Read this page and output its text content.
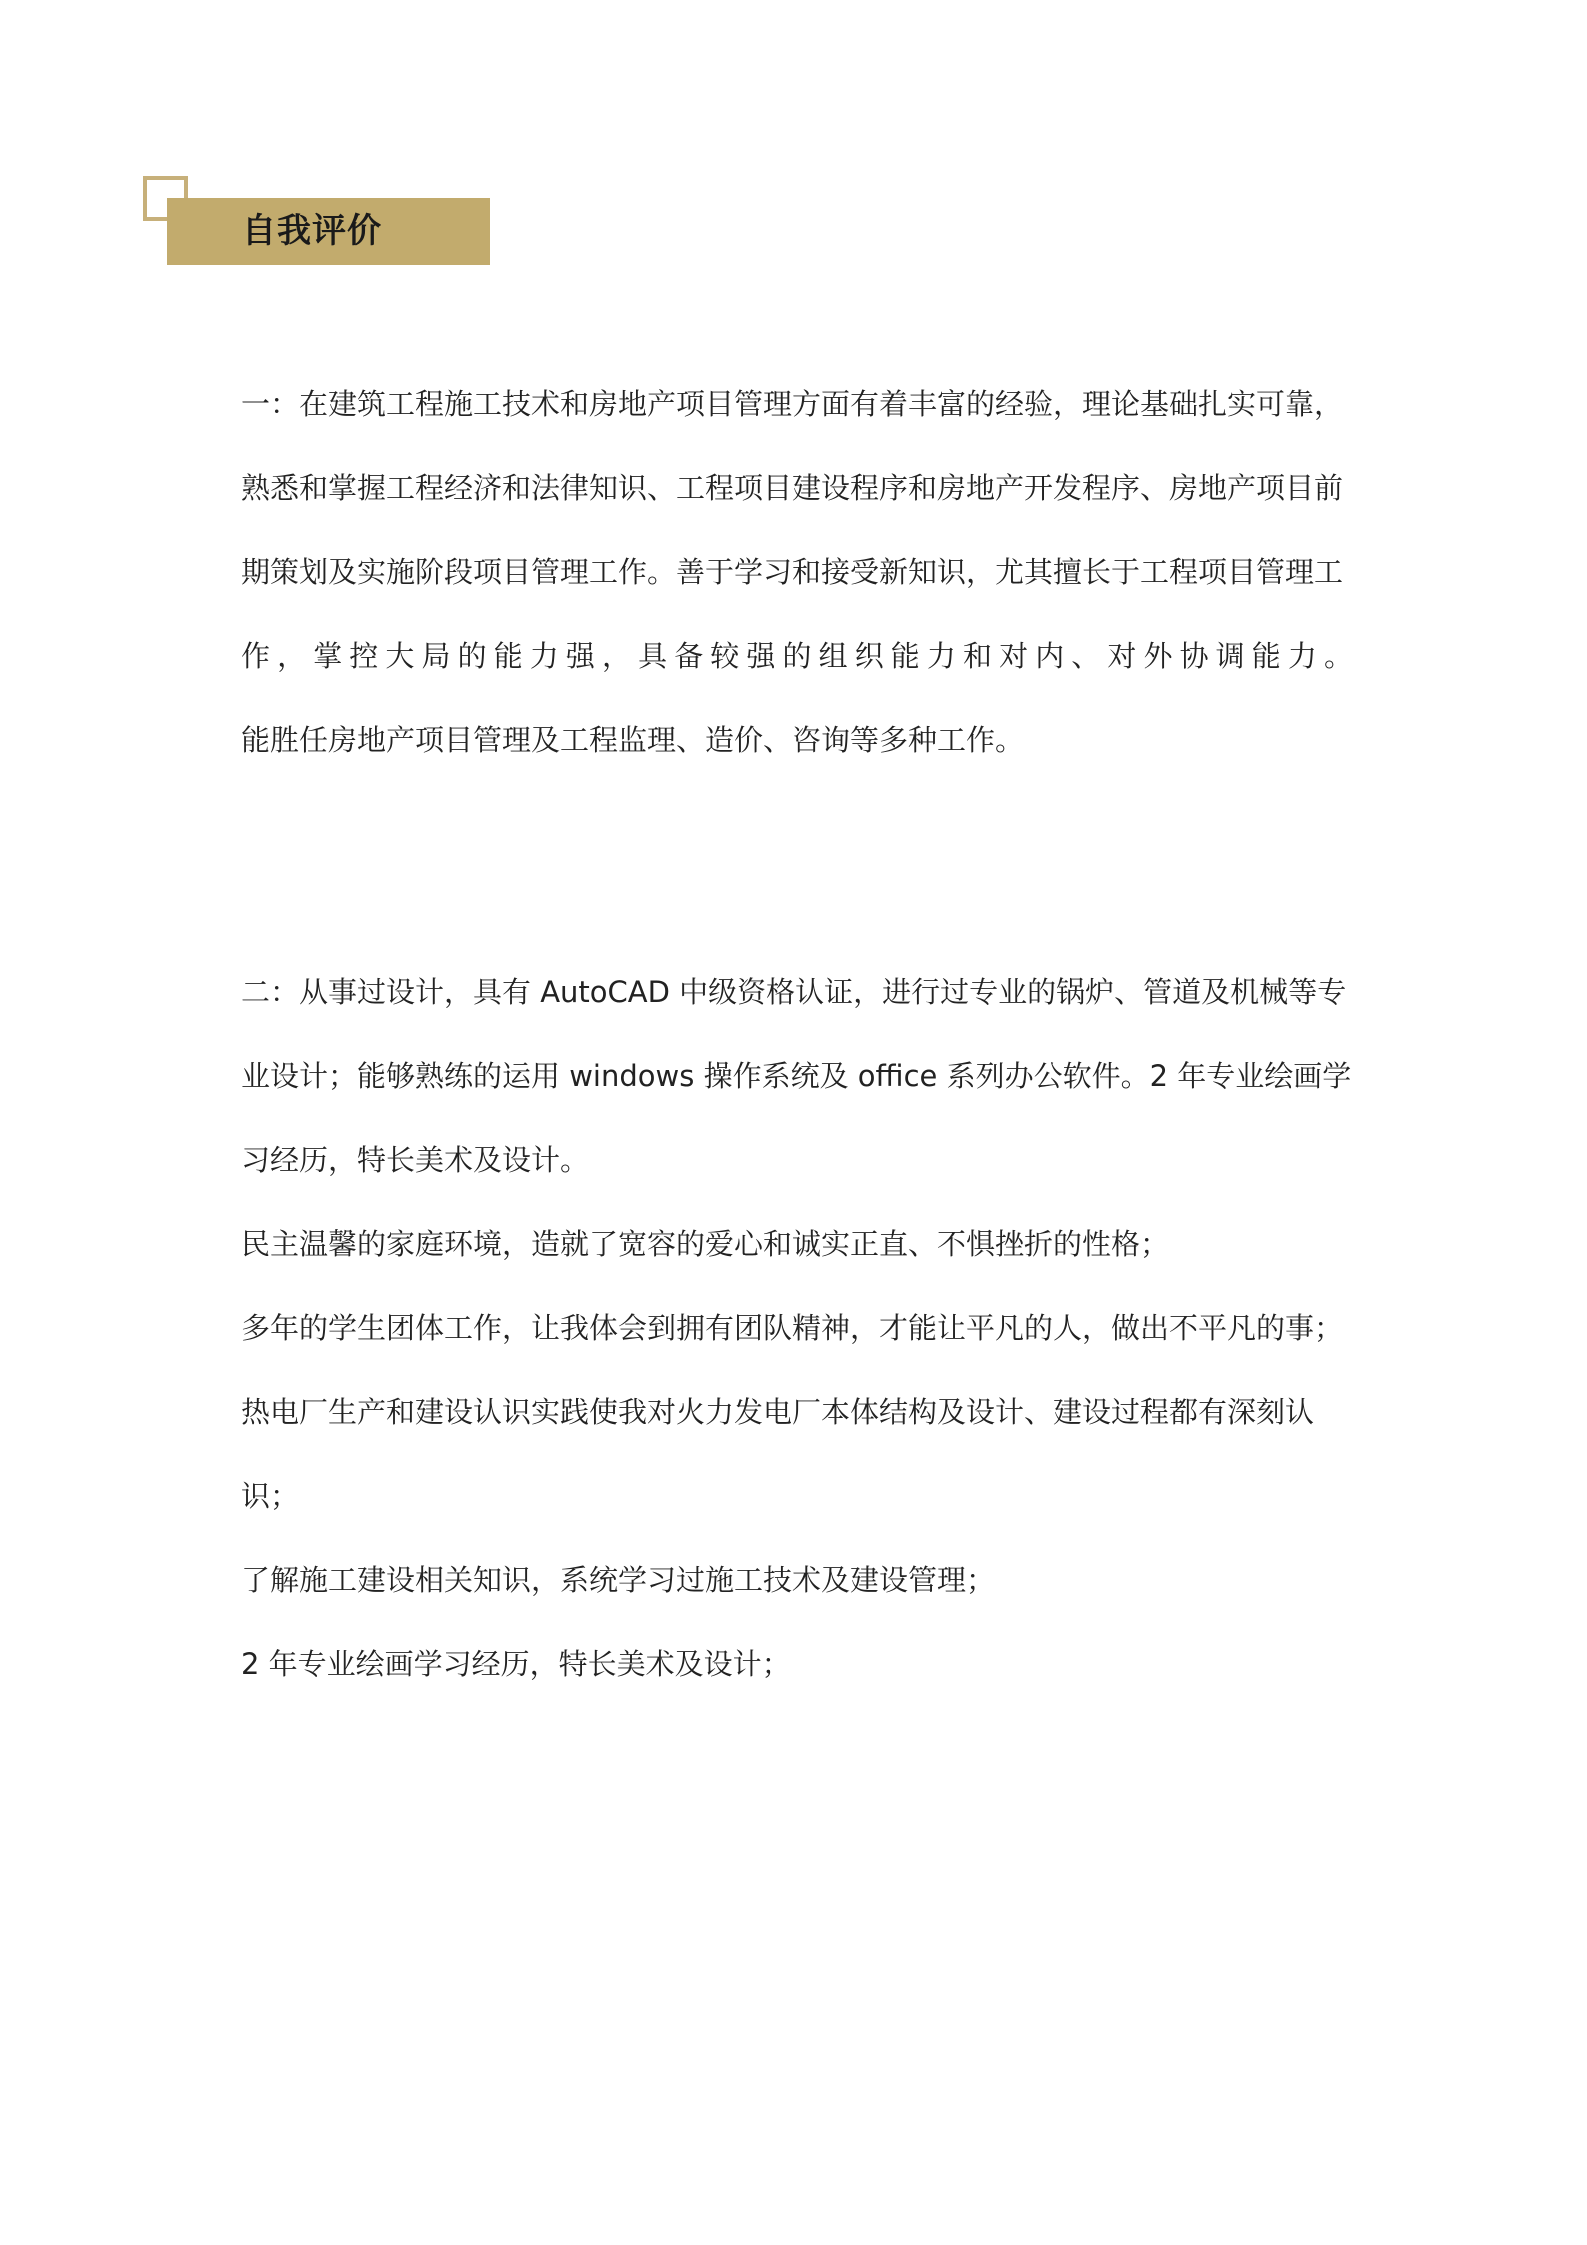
自我评价
一：在建筑工程施工技术和房地产项目管理方面有着丰富的经验，理论基础扎实可靠，
熟悉和掌握工程经济和法律知识、工程项目建设程序和房地产开发程序、房地产项目前
期策划及实施阶段项目管理工作。善于学习和接受新知识，尤其擅长于工程项目管理工
作，掌控大局的能力强，具备较强的组织能力和对内、对外协调能力。
能胜任房地产项目管理及工程监理、造价、咨询等多种工作。
二：从事过设计，具有 AutoCAD 中级资格认证，进行过专业的锅炉、管道及机械等专
业设计；能够熟练的运用 windows 操作系统及 office 系列办公软件。2 年专业绘画学
习经历，特长美术及设计。
民主温馨的家庭环境，造就了宽容的爱心和诚实正直、不惧挫折的性格；
多年的学生团体工作，让我体会到拥有团队精神，才能让平凡的人，做出不平凡的事；
热电厂生产和建设认识实践使我对火力发电厂本体结构及设计、建设过程都有深刻认
识；
了解施工建设相关知识，系统学习过施工技术及建设管理；
2 年专业绘画学习经历，特长美术及设计；
